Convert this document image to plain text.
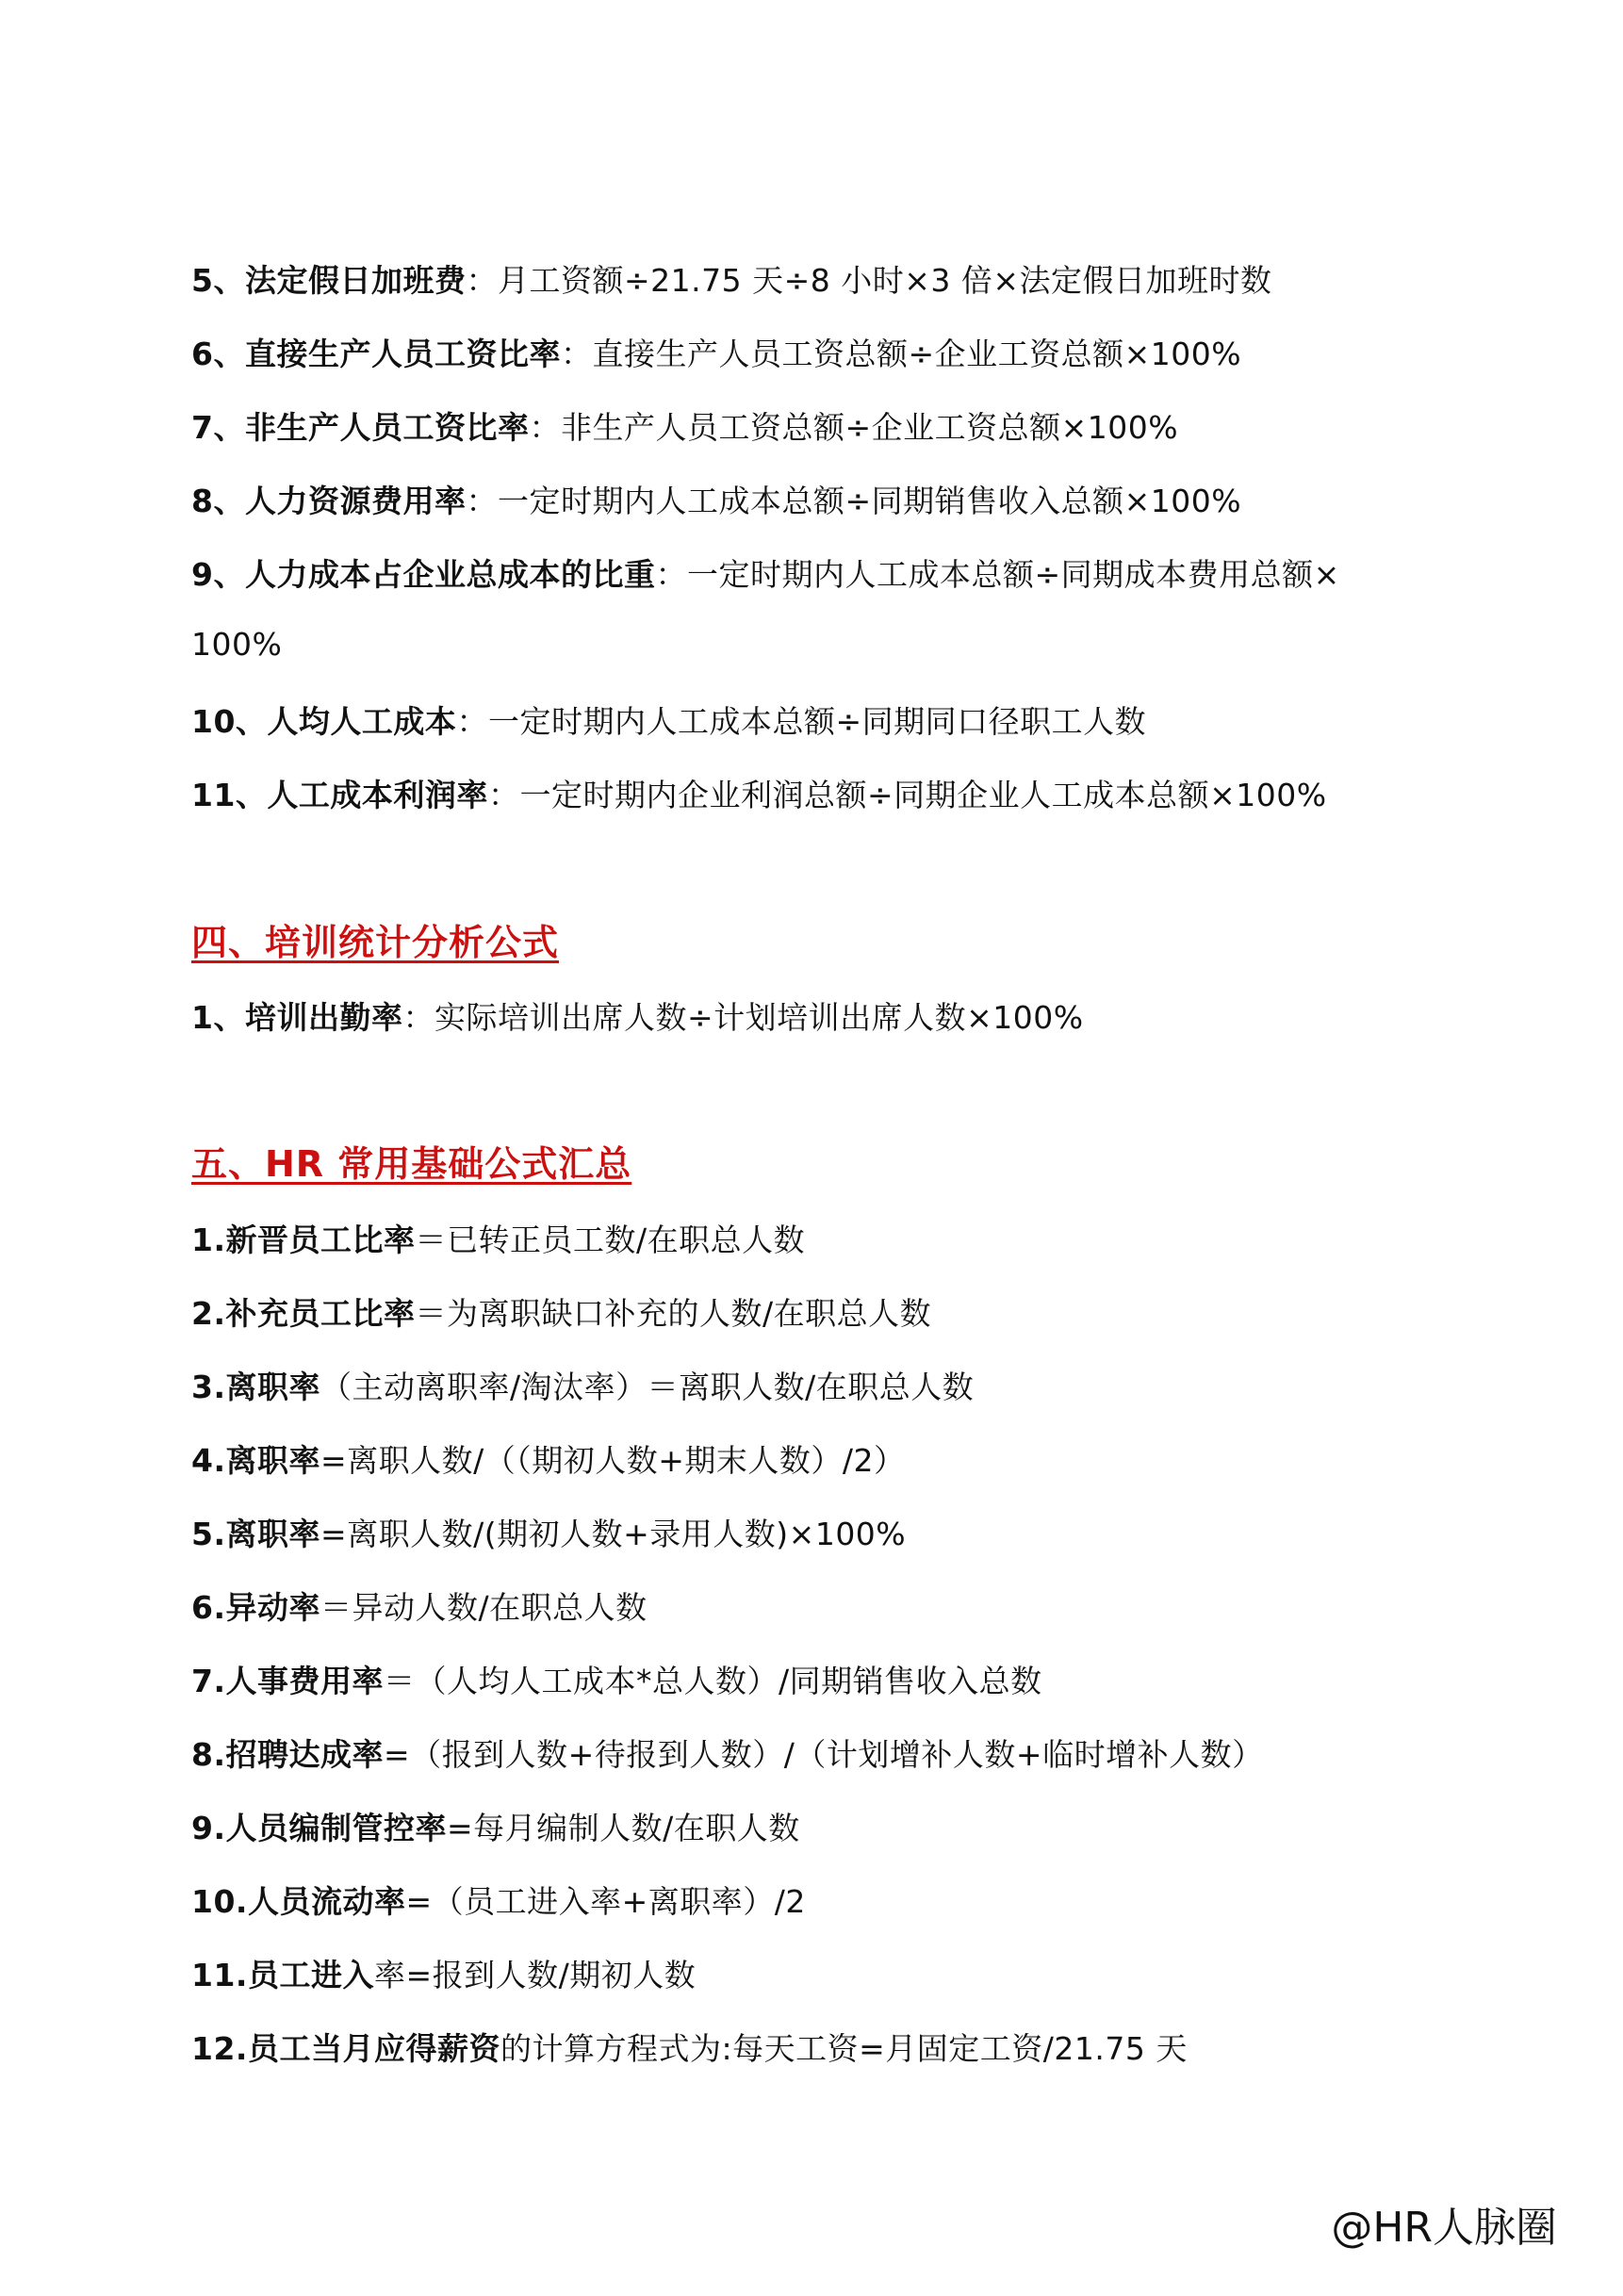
5、法定假日加班费：月工资额÷21.75 天÷8 小时×3 倍×法定假日加班时数
6、直接生产人员工资比率：直接生产人员工资总额÷企业工资总额×100%
7、非生产人员工资比率：非生产人员工资总额÷企业工资总额×100%
8、人力资源费用率：一定时期内人工成本总额÷同期销售收入总额×100%
9、人力成本占企业总成本的比重：一定时期内人工成本总额÷同期成本费用总额×
100%
10、人均人工成本：一定时期内人工成本总额÷同期同口径职工人数
11、人工成本利润率：一定时期内企业利润总额÷同期企业人工成本总额×100%
四、培训统计分析公式
1、培训出勤率：实际培训出席人数÷计划培训出席人数×100%
五、HR 常用基础公式汇总
1.新晋员工比率＝已转正员工数/在职总人数
2.补充员工比率＝为离职缺口补充的人数/在职总人数
3.离职率（主动离职率/淘汰率）＝离职人数/在职总人数
4.离职率=离职人数/（（期初人数+期末人数）/2）
5.离职率=离职人数/(期初人数+录用人数)×100%
6.异动率＝异动人数/在职总人数
7.人事费用率＝（人均人工成本*总人数）/同期销售收入总数
8.招聘达成率=（报到人数+待报到人数）/（计划增补人数+临时增补人数）
9.人员编制管控率=每月编制人数/在职人数
10.人员流动率=（员工进入率+离职率）/2
11.员工进入率=报到人数/期初人数
12.员工当月应得薪资的计算方程式为:每天工资=月固定工资/21.75 天
@HR人脉圈
